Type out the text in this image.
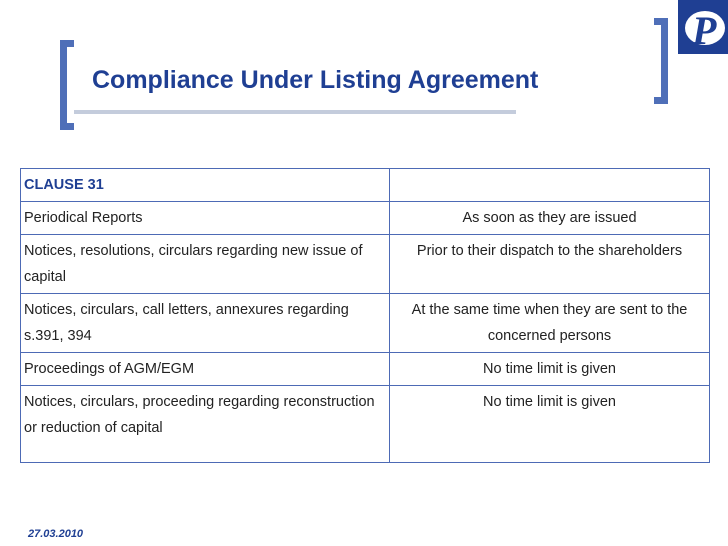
P
Compliance Under Listing Agreement
CLAUSE 31	
Periodical Reports	As soon as they are issued
Notices, resolutions, circulars regarding new issue of capital	Prior to their dispatch to the shareholders
Notices, circulars, call letters, annexures regarding s.391, 394	At the same time when they are sent to the concerned persons
Proceedings of AGM/EGM	No time limit is given
Notices, circulars, proceeding regarding reconstruction or reduction of capital	No time limit is given
27.03.2010
